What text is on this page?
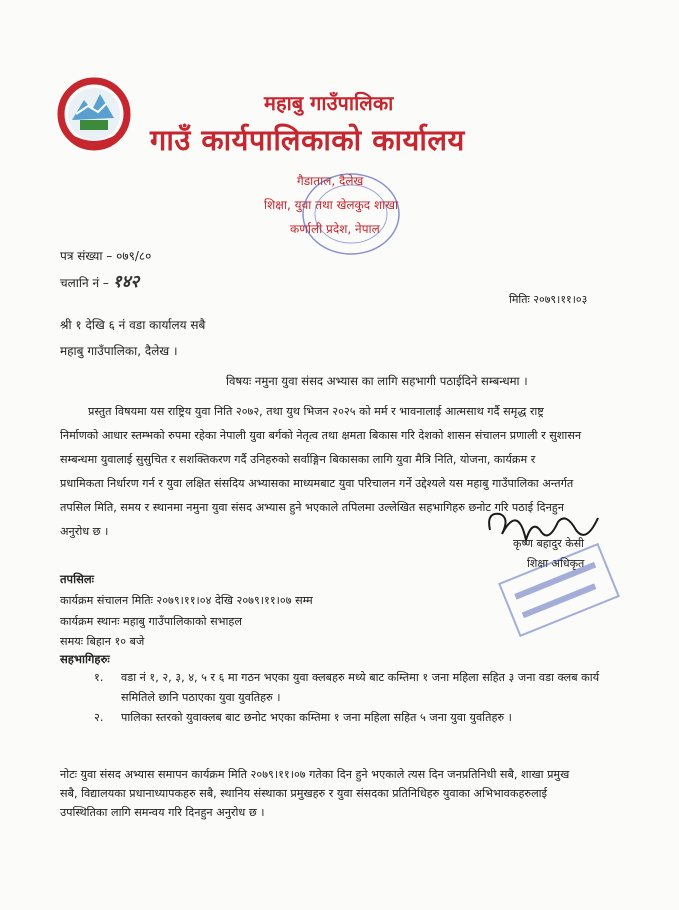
महाबु गाउँपालिका
गाउँ कार्यपालिकाको कार्यालय
गैडाताल, दैलेख
शिक्षा, युवा तथा खेलकुद शाखा
कर्णाली प्रदेश, नेपाल
पत्र संख्या – ०७९/८०
चलानि नं – १४२
मितिः २०७९।११।०३
श्री १ देखि ६ नं वडा कार्यालय सबै
महाबु गाउँपालिका, दैलेख ।
विषयः नमुना युवा संसद अभ्यास का लागि सहभागी पठाईदिने सम्बन्धमा ।
प्रस्तुत विषयमा यस राष्ट्रिय युवा निति २०७२, तथा युथ भिजन २०२५ को मर्म र भावनालाई आत्मसाथ गर्दै समृद्ध राष्ट्र
निर्माणको आधार स्तम्भको रुपमा रहेका नेपाली युवा बर्गको नेतृत्व तथा क्षमता बिकास गरि देशको शासन संचालन प्रणाली र सुशासन
सम्बन्धमा युवालाई सुसुचित र सशक्तिकरण गर्दै उनिहरुको सर्वाङ्गिन बिकासका लागि युवा मैत्रि निति, योजना, कार्यक्रम र
प्रधामिकता निर्धारण गर्न र युवा लक्षित संसदिय अभ्यासका माध्यमबाट युवा परिचालन गर्ने उद्देश्यले यस महाबु गाउँपालिका अन्तर्गत
तपसिल मिति, समय र स्थानमा नमुना युवा संसद अभ्यास हुने भएकाले तपिलमा उल्लेखित सहभागिहरु छनोट गरि पठाई दिनहुन
अनुरोध छ ।
कृष्ण बहादुर केसी
शिक्षा अधिकृत
तपसिलः
कार्यक्रम संचालन मितिः २०७९।११।०४ देखि २०७९।११।०७ सम्म
कार्यक्रम स्थानः महाबु गाउँपालिकाको सभाहल
समयः बिहान १० बजे
सहभागिहरुः
१. वडा नं १, २, ३, ४, ५ र ६ मा गठन भएका युवा क्लबहरु मध्ये बाट कम्तिमा १ जना महिला सहित ३ जना वडा क्लब कार्य
समितिले छानि पठाएका युवा युवतिहरु ।
२. पालिका स्तरको युवाक्लब बाट छनोट भएका कम्तिमा १ जना महिला सहित ५ जना युवा युवतिहरु ।
नोटः युवा संसद अभ्यास समापन कार्यक्रम मिति २०७९।११।०७ गतेका दिन हुने भएकाले त्यस दिन जनप्रतिनिधी सबै, शाखा प्रमुख
सबै, विद्यालयका प्रधानाध्यापकहरु सबै, स्थानिय संस्थाका प्रमुखहरु र युवा संसदका प्रतिनिधिहरु युवाका अभिभावकहरुलाई
उपस्थितिका लागि समन्वय गरि दिनहुन अनुरोध छ ।
